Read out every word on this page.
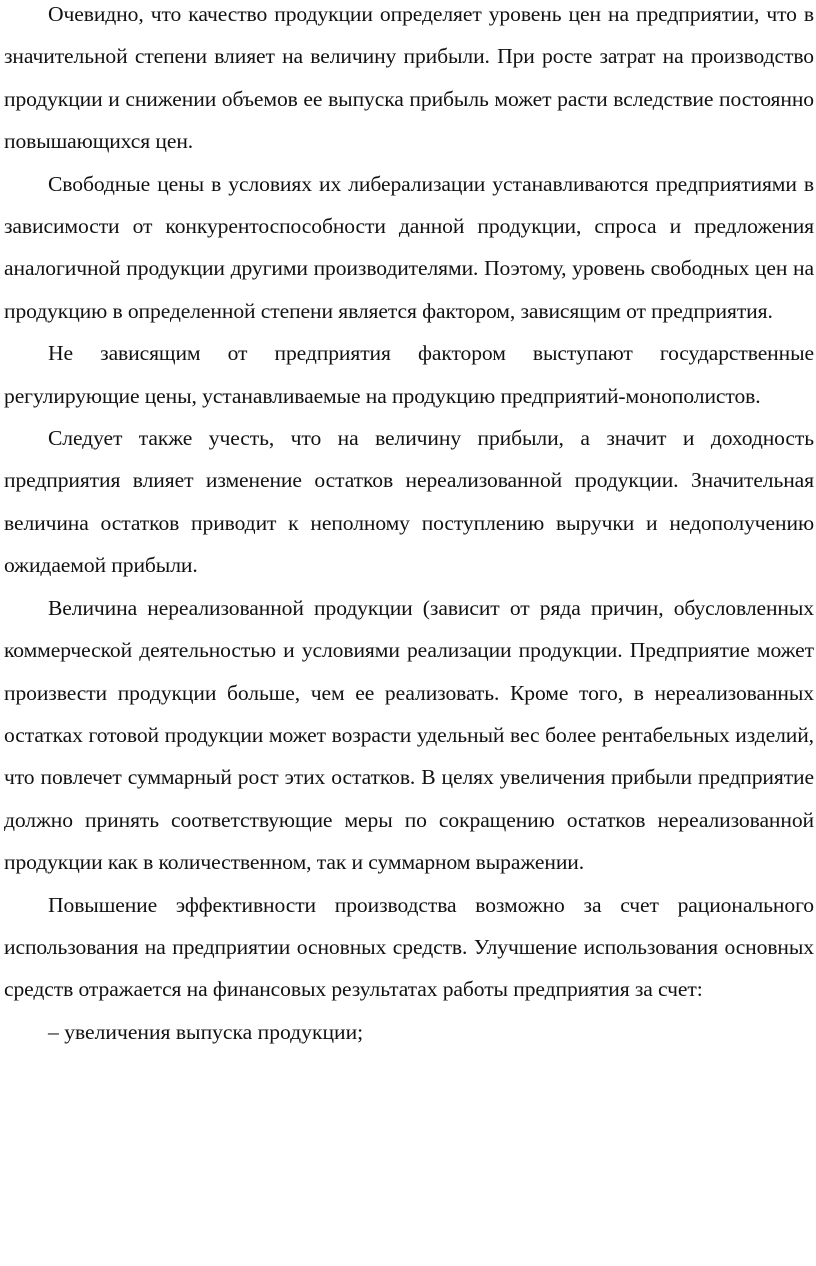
Очевидно, что качество продукции определяет уровень цен на предприятии, что в значительной степени влияет на величину прибыли. При росте затрат на производство продукции и снижении объемов ее выпуска прибыль может расти вследствие постоянно повышающихся цен.

Свободные цены в условиях их либерализации устанавливаются предприятиями в зависимости от конкурентоспособности данной продукции, спроса и предложения аналогичной продукции другими производителями. Поэтому, уровень свободных цен на продукцию в определенной степени является фактором, зависящим от предприятия.

Не зависящим от предприятия фактором выступают государственные регулирующие цены, устанавливаемые на продукцию предприятий-монополистов.

Следует также учесть, что на величину прибыли, а значит и доходность предприятия влияет изменение остатков нереализованной продукции. Значительная величина остатков приводит к неполному поступлению выручки и недополучению ожидаемой прибыли.

Величина нереализованной продукции (зависит от ряда причин, обусловленных коммерческой деятельностью и условиями реализации продукции. Предприятие может произвести продукции больше, чем ее реализовать. Кроме того, в нереализованных остатках готовой продукции может возрасти удельный вес более рентабельных изделий, что повлечет суммарный рост этих остатков. В целях увеличения прибыли предприятие должно принять соответствующие меры по сокращению остатков нереализованной продукции как в количественном, так и суммарном выражении.

Повышение эффективности производства возможно за счет рационального использования на предприятии основных средств. Улучшение использования основных средств отражается на финансовых результатах работы предприятия за счет:

– увеличения выпуска продукции;
